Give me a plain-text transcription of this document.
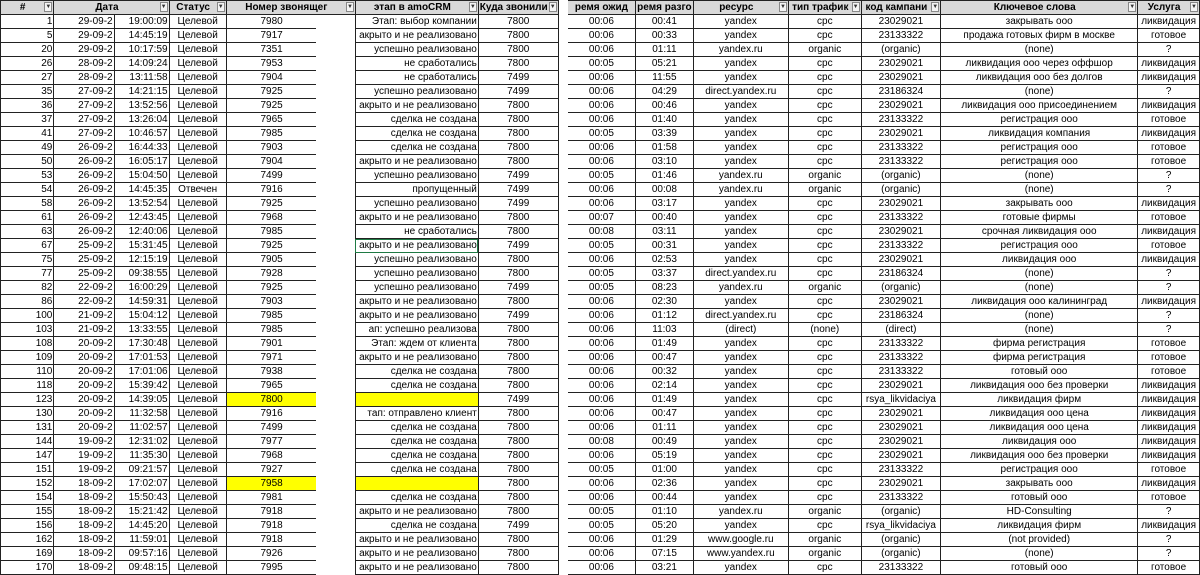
# ▼	Дата ▼		Статус ▼	Номер звонящег ▼		этап в amoCRM ▼	Куда звонили ▼		ремя ожид	ремя разго	ресурс ▼	тип трафик ▼	код кампани ▼	Ключевое слова ▼	Услуга ▼

1	29-09-2	19:00:09	Целевой	7980		Этап: выбор компании	7800		00:06	00:41	yandex	cpc	23029021	закрывать ооо	ликвидация
5	29-09-2	14:45:19	Целевой	7917		акрыто и не реализовано	7800		00:06	00:33	yandex	cpc	23133322	продажа готовых фирм в москве	готовое
20	29-09-2	10:17:59	Целевой	7351		успешно реализовано	7800		00:06	01:11	yandex.ru	organic	(organic)	(none)	?
26	28-09-2	14:09:24	Целевой	7953		не сработались	7800		00:05	05:21	yandex	cpc	23029021	ликвидация ооо через оффшор	ликвидация
27	28-09-2	13:11:58	Целевой	7904		не сработались	7499		00:06	11:55	yandex	cpc	23029021	ликвидация ооо без долгов	ликвидация
35	27-09-2	14:21:15	Целевой	7925		успешно реализовано	7499		00:06	04:29	direct.yandex.ru	cpc	23186324	(none)	?
36	27-09-2	13:52:56	Целевой	7925		акрыто и не реализовано	7800		00:06	00:46	yandex	cpc	23029021	ликвидация ооо присоединением	ликвидация
37	27-09-2	13:26:04	Целевой	7965		сделка не создана	7800		00:06	01:40	yandex	cpc	23133322	регистрация ооо	готовое
41	27-09-2	10:46:57	Целевой	7985		сделка не создана	7800		00:05	03:39	yandex	cpc	23029021	ликвидация компания	ликвидация
49	26-09-2	16:44:33	Целевой	7903		сделка не создана	7800		00:06	01:58	yandex	cpc	23133322	регистрация ооо	готовое
50	26-09-2	16:05:17	Целевой	7904		акрыто и не реализовано	7800		00:06	03:10	yandex	cpc	23133322	регистрация ооо	готовое
53	26-09-2	15:04:50	Целевой	7499		успешно реализовано	7499		00:05	01:46	yandex.ru	organic	(organic)	(none)	?
54	26-09-2	14:45:35	Отвечен	7916		пропущенный	7499		00:06	00:08	yandex.ru	organic	(organic)	(none)	?
58	26-09-2	13:52:54	Целевой	7925		успешно реализовано	7499		00:06	03:17	yandex	cpc	23029021	закрывать ооо	ликвидация
61	26-09-2	12:43:45	Целевой	7968		акрыто и не реализовано	7800		00:07	00:40	yandex	cpc	23133322	готовые фирмы	готовое
63	26-09-2	12:40:06	Целевой	7985		не сработались	7800		00:08	03:11	yandex	cpc	23029021	срочная ликвидация ооо	ликвидация
67	25-09-2	15:31:45	Целевой	7925		акрыто и не реализовано	7499		00:05	00:31	yandex	cpc	23133322	регистрация ооо	готовое
75	25-09-2	12:15:19	Целевой	7905		успешно реализовано	7800		00:06	02:53	yandex	cpc	23029021	ликвидация ооо	ликвидация
77	25-09-2	09:38:55	Целевой	7928		успешно реализовано	7800		00:05	03:37	direct.yandex.ru	cpc	23186324	(none)	?
82	22-09-2	16:00:29	Целевой	7925		успешно реализовано	7499		00:05	08:23	yandex.ru	organic	(organic)	(none)	?
86	22-09-2	14:59:31	Целевой	7903		акрыто и не реализовано	7800		00:06	02:30	yandex	cpc	23029021	ликвидация ооо калининград	ликвидация
100	21-09-2	15:04:12	Целевой	7985		акрыто и не реализовано	7499		00:06	01:12	direct.yandex.ru	cpc	23186324	(none)	?
103	21-09-2	13:33:55	Целевой	7985		ап: успешно реализова	7800		00:06	11:03	(direct)	(none)	(direct)	(none)	?
108	20-09-2	17:30:48	Целевой	7901		Этап: ждем от клиента	7800		00:06	01:49	yandex	cpc	23133322	фирма регистрация	готовое
109	20-09-2	17:01:53	Целевой	7971		акрыто и не реализовано	7800		00:06	00:47	yandex	cpc	23133322	фирма регистрация	готовое
110	20-09-2	17:01:06	Целевой	7938		сделка не создана	7800		00:06	00:32	yandex	cpc	23133322	готовый ооо	готовое
118	20-09-2	15:39:42	Целевой	7965		сделка не создана	7800		00:06	02:14	yandex	cpc	23029021	ликвидация ооо без проверки	ликвидация
123	20-09-2	14:39:05	Целевой	7800			7499		00:06	01:49	yandex	cpc	rsya_likvidaciya	ликвидация фирм	ликвидация
130	20-09-2	11:32:58	Целевой	7916		тап: отправлено клиент	7800		00:06	00:47	yandex	cpc	23029021	ликвидация ооо цена	ликвидация
131	20-09-2	11:02:57	Целевой	7499		сделка не создана	7800		00:06	01:11	yandex	cpc	23029021	ликвидация ооо цена	ликвидация
144	19-09-2	12:31:02	Целевой	7977		сделка не создана	7800		00:08	00:49	yandex	cpc	23029021	ликвидация ооо	ликвидация
147	19-09-2	11:35:30	Целевой	7968		сделка не создана	7800		00:06	05:19	yandex	cpc	23029021	ликвидация ооо без проверки	ликвидация
151	19-09-2	09:21:57	Целевой	7927		сделка не создана	7800		00:05	01:00	yandex	cpc	23133322	регистрация ооо	готовое
152	18-09-2	17:02:07	Целевой	7958			7800		00:06	02:36	yandex	cpc	23029021	закрывать ооо	ликвидация
154	18-09-2	15:50:43	Целевой	7981		сделка не создана	7800		00:06	00:44	yandex	cpc	23133322	готовый ооо	готовое
155	18-09-2	15:21:42	Целевой	7918		акрыто и не реализовано	7800		00:05	01:10	yandex.ru	organic	(organic)	HD-Consulting	?
156	18-09-2	14:45:20	Целевой	7918		сделка не создана	7499		00:05	05:20	yandex	cpc	rsya_likvidaciya	ликвидация фирм	ликвидация
162	18-09-2	11:59:01	Целевой	7918		акрыто и не реализовано	7800		00:06	01:29	www.google.ru	organic	(organic)	(not provided)	?
169	18-09-2	09:57:16	Целевой	7926		акрыто и не реализовано	7800		00:06	07:15	www.yandex.ru	organic	(organic)	(none)	?
170	18-09-2	09:48:15	Целевой	7995		акрыто и не реализовано	7800		00:06	03:21	yandex	cpc	23133322	готовый ооо	готовое
